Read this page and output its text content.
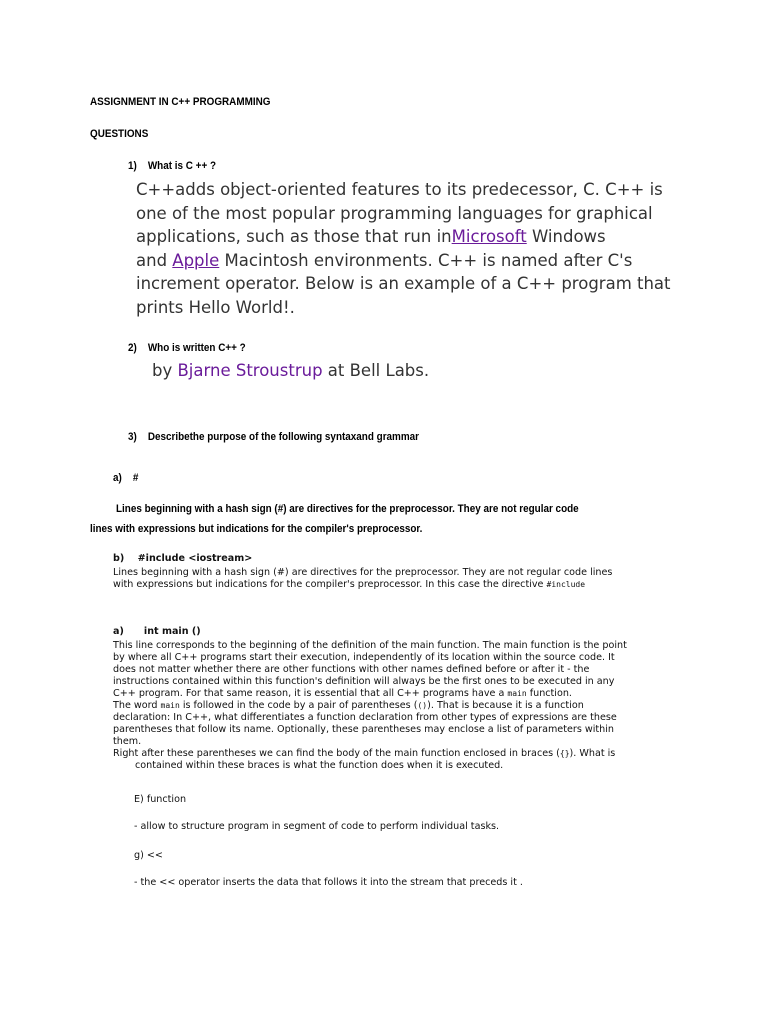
ASSIGNMENT IN C++ PROGRAMMING
QUESTIONS
1) What is C ++ ?
C++adds object-oriented features to its predecessor, C. C++ is
one of the most popular programming languages for graphical
applications, such as those that run inMicrosoft Windows
and Apple Macintosh environments. C++ is named after C's
increment operator. Below is an example of a C++ program that
prints Hello World!.
2) Who is written C++ ?
by Bjarne Stroustrup at Bell Labs.
3) Describethe purpose of the following syntaxand grammar
a) #
Lines beginning with a hash sign (#) are directives for the preprocessor. They are not regular code
lines with expressions but indications for the compiler's preprocessor.
b) #include <iostream>
Lines beginning with a hash sign (#) are directives for the preprocessor. They are not regular code lines
with expressions but indications for the compiler's preprocessor. In this case the directive #include
a) int main ()
This line corresponds to the beginning of the definition of the main function. The main function is the point
by where all C++ programs start their execution, independently of its location within the source code. It
does not matter whether there are other functions with other names defined before or after it - the
instructions contained within this function's definition will always be the first ones to be executed in any
C++ program. For that same reason, it is essential that all C++ programs have a main function.
The word main is followed in the code by a pair of parentheses (()). That is because it is a function
declaration: In C++, what differentiates a function declaration from other types of expressions are these
parentheses that follow its name. Optionally, these parentheses may enclose a list of parameters within
them.
Right after these parentheses we can find the body of the main function enclosed in braces ({}). What is
contained within these braces is what the function does when it is executed.
E) function
- allow to structure program in segment of code to perform individual tasks.
g) <<
- the << operator inserts the data that follows it into the stream that preceds it .
